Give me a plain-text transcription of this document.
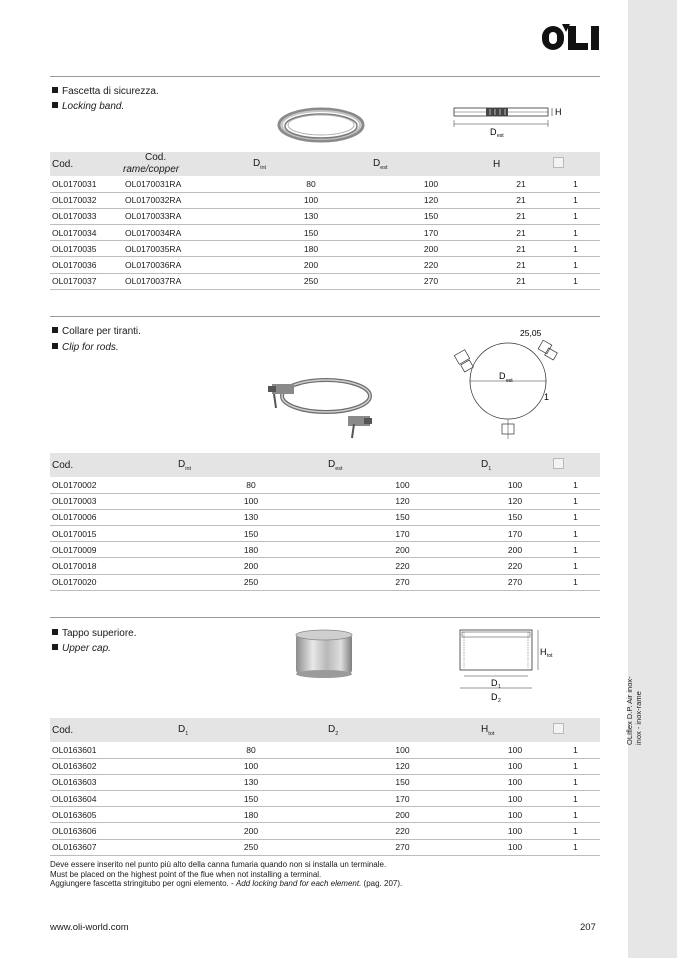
OLIflex D.P. Air inox- inox - inox-rame
OLI
Fascetta di sicurezza.
Locking band.	H
D est
Cod.	Cod.
rame/copper	$D_{int}$	$D_{est}$	H	
OL0170031	OL0170031RA	80	100	21	1
OL0170032	OL0170032RA	100	120	21	1
OL0170033	OL0170033RA	130	150	21	1
OL0170034	OL0170034RA	150	170	21	1
OL0170035	OL0170035RA	180	200	21	1
OL0170036	OL0170036RA	200	220	21	1
OL0170037	OL0170037RA	250	270	21	1
Collare per tiranti.
Clip for rods.
25,05
D est
1
Cod.	$D_{int}$	$D_{est}$	$D_1$	
OL0170002	80	100	100	1
OL0170003	100	120	120	1
OL0170006	130	150	150	1
OL0170015	150	170	170	1
OL0170009	180	200	200	1
OL0170018	200	220	220	1
OL0170020	250	270	270	1
Tappo superiore.
Upper cap.	H tot
D 1
D 2
Cod.	$D_1$	$D_2$	$H_{tot}$	
OL0163601	80	100	100	1
OL0163602	100	120	100	1
OL0163603	130	150	100	1
OL0163604	150	170	100	1
OL0163605	180	200	100	1
OL0163606	200	220	100	1
OL0163607	250	270	100	1
Deve essere inserito nel punto più alto della canna fumaria quando non si installa un terminale.
Must be placed on the highest point of the flue when not installing a terminal.
Aggiungere fascetta stringitubo per ogni elemento. - Add locking band for each element. (pag. 207).
www.oli-world.com	207
